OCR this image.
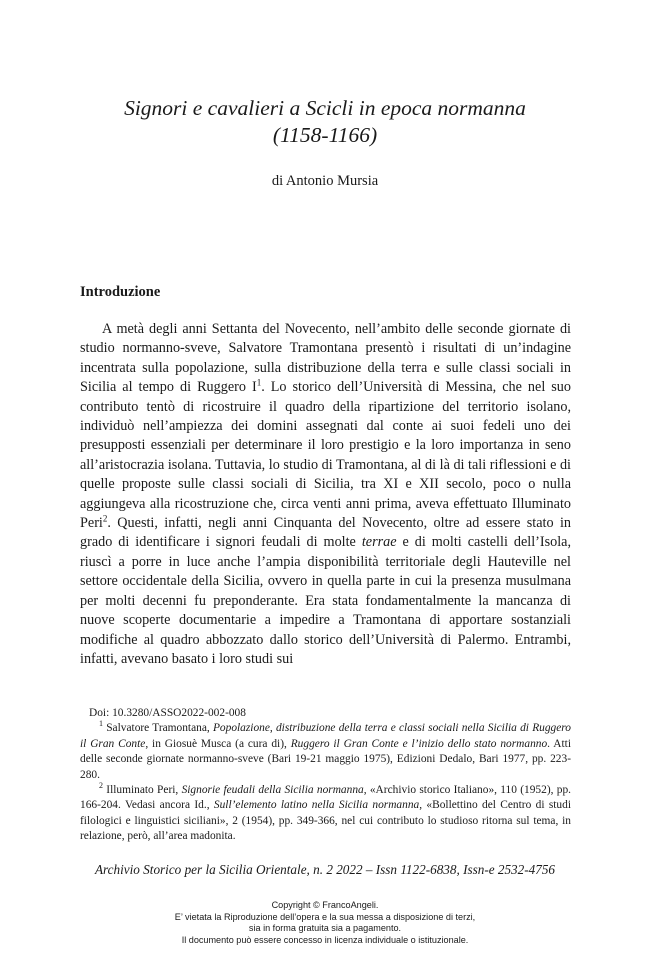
Signori e cavalieri a Scicli in epoca normanna
(1158-1166)
di Antonio Mursia
Introduzione

A metà degli anni Settanta del Novecento, nell’ambito delle seconde giornate di studio normanno-sveve, Salvatore Tramontana presentò i risultati di un’indagine incentrata sulla popolazione, sulla distribuzione della terra e sulle classi sociali in Sicilia al tempo di Ruggero $I^1$. Lo storico dell’Università di Messina, che nel suo contributo tentò di ricostruire il quadro della ripartizione del territorio isolano, individuò nell’ampiezza dei domini assegnati dal conte ai suoi fedeli uno dei presupposti essenziali per determinare il loro prestigio e la loro importanza in seno all’aristocrazia isolana. Tuttavia, lo studio di Tramontana, al di là di tali riflessioni e di quelle proposte sulle classi sociali di Sicilia, tra XI e XII secolo, poco o nulla aggiungeva alla ricostruzione che, circa venti anni prima, aveva effettuato Illuminato Peri$^2$. Questi, infatti, negli anni Cinquanta del Novecento, oltre ad essere stato in grado di identificare i signori feudali di molte terrae e di molti castelli dell’Isola, riuscì a porre in luce anche l’ampia disponibilità territoriale degli Hauteville nel settore occidentale della Sicilia, ovvero in quella parte in cui la presenza musulmana per molti decenni fu preponderante. Era stata fondamentalmente la mancanza di nuove scoperte documentarie a impedire a Tramontana di apportare sostanziali modifiche al quadro abbozzato dallo storico dell’Università di Palermo. Entrambi, infatti, avevano basato i loro studi sui

Doi: 10.3280/ASSO2022-002-008

$^1$ Salvatore Tramontana, Popolazione, distribuzione della terra e classi sociali nella Sicilia di Ruggero il Gran Conte, in Giosuè Musca (a cura di), Ruggero il Gran Conte e l’inizio dello stato normanno. Atti delle seconde giornate normanno-sveve (Bari 19-21 maggio 1975), Edizioni Dedalo, Bari 1977, pp. 223-280.

$^2$ Illuminato Peri, Signorie feudali della Sicilia normanna, «Archivio storico Italiano», 110 (1952), pp. 166-204. Vedasi ancora Id., Sull’elemento latino nella Sicilia normanna, «Bollettino del Centro di studi filologici e linguistici siciliani», 2 (1954), pp. 349-366, nel cui contributo lo studioso ritorna sul tema, in relazione, però, all’area madonita.

Archivio Storico per la Sicilia Orientale, n. 2 2022 – Issn 1122-6838, Issn-e 2532-4756
Copyright © FrancoAngeli.
E’ vietata la Riproduzione dell’opera e la sua messa a disposizione di terzi,
sia in forma gratuita sia a pagamento.
Il documento può essere concesso in licenza individuale o istituzionale.
